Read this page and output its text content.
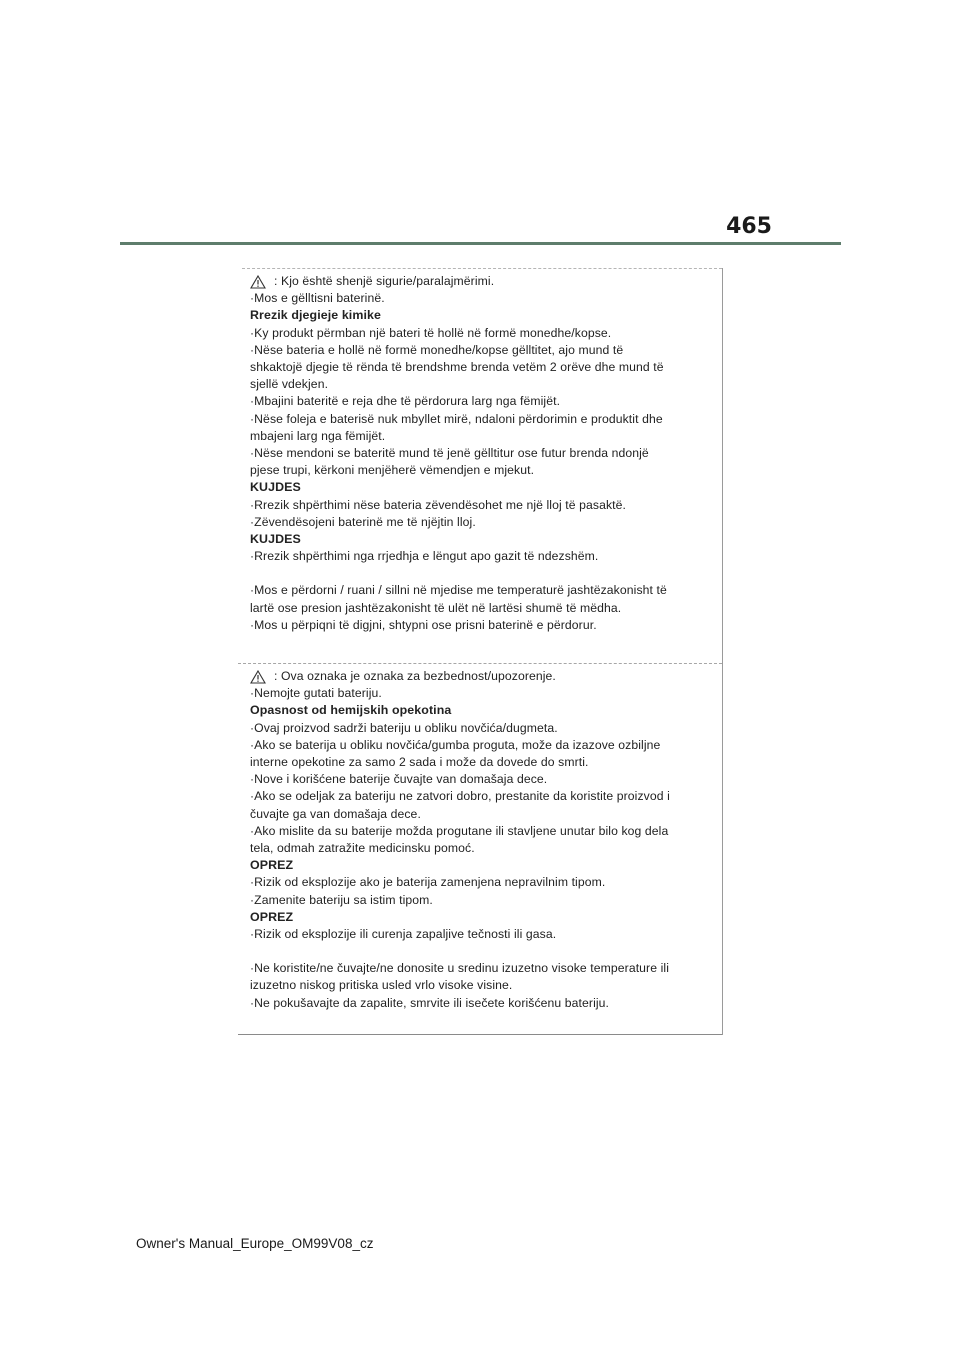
465
: Kjo është shenjë sigurie/paralajmërimi.
·Mos e gëlltisni baterinë.
Rrezik djegieje kimike
·Ky produkt përmban një bateri të hollë në formë monedhe/kopse.
·Nëse bateria e hollë në formë monedhe/kopse gëlltitet, ajo mund të
shkaktojë djegie të rënda të brendshme brenda vetëm 2 orëve dhe mund të
sjellë vdekjen.
·Mbajini bateritë e reja dhe të përdorura larg nga fëmijët.
·Nëse foleja e baterisë nuk mbyllet mirë, ndaloni përdorimin e produktit dhe
mbajeni larg nga fëmijët.
·Nëse mendoni se bateritë mund të jenë gëlltitur ose futur brenda ndonjë
pjese trupi, kërkoni menjëherë vëmendjen e mjekut.
KUJDES
·Rrezik shpërthimi nëse bateria zëvendësohet me një lloj të pasaktë.
·Zëvendësojeni baterinë me të njëjtin lloj.
KUJDES
·Rrezik shpërthimi nga rrjedhja e lëngut apo gazit të ndezshëm.
·Mos e përdorni / ruani / sillni në mjedise me temperaturë jashtëzakonisht të
lartë ose presion jashtëzakonisht të ulët në lartësi shumë të mëdha.
·Mos u përpiqni të digjni, shtypni ose prisni baterinë e përdorur.
: Ova oznaka je oznaka za bezbednost/upozorenje.
·Nemojte gutati bateriju.
Opasnost od hemijskih opekotina
·Ovaj proizvod sadrži bateriju u obliku novčića/dugmeta.
·Ako se baterija u obliku novčića/gumba proguta, može da izazove ozbiljne
interne opekotine za samo 2 sada i može da dovede do smrti.
·Nove i korišćene baterije čuvajte van domašaja dece.
·Ako se odeljak za bateriju ne zatvori dobro, prestanite da koristite proizvod i
čuvajte ga van domašaja dece.
·Ako mislite da su baterije možda progutane ili stavljene unutar bilo kog dela
tela, odmah zatražite medicinsku pomoć.
OPREZ
·Rizik od eksplozije ako je baterija zamenjena nepravilnim tipom.
·Zamenite bateriju sa istim tipom.
OPREZ
·Rizik od eksplozije ili curenja zapaljive tečnosti ili gasa.
·Ne koristite/ne čuvajte/ne donosite u sredinu izuzetno visoke temperature ili
izuzetno niskog pritiska usled vrlo visoke visine.
·Ne pokušavajte da zapalite, smrvite ili isečete korišćenu bateriju.
Owner's Manual_Europe_OM99V08_cz
